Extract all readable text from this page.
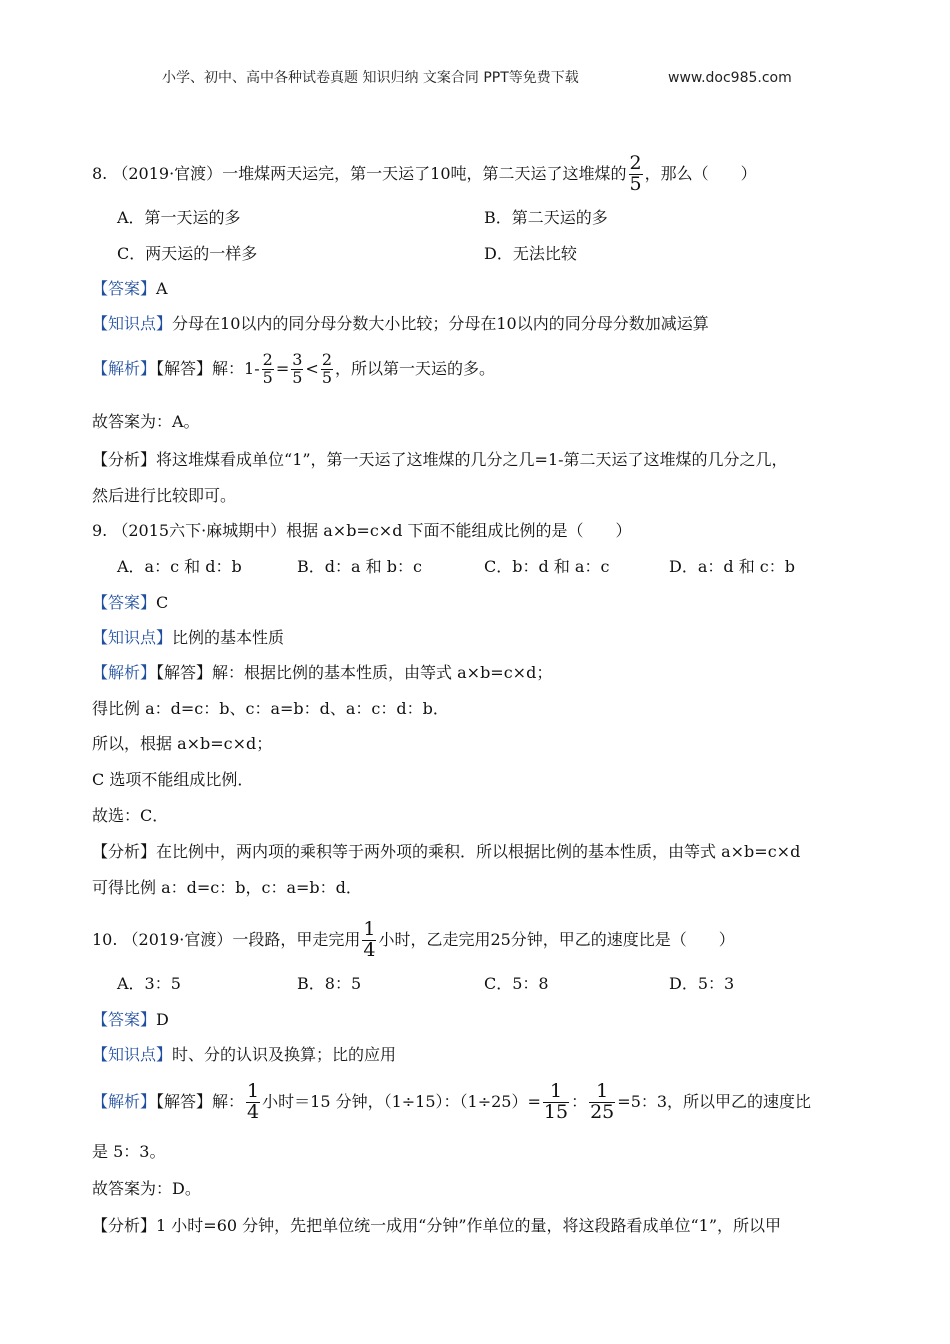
小学、初中、高中各种试卷真题 知识归纳 文案合同 PPT等免费下载	www.doc985.com
8. （2019·官渡）一堆煤两天运完，第一天运了10吨，第二天运了这堆煤的 $\frac{2}{5}$ ，那么（　　）
A．第一天运的多	B．第二天运的多
C．两天运的一样多	D．无法比较
【答案】A
【知识点】分母在10以内的同分母分数大小比较；分母在10以内的同分母分数加减运算
【解析】【解答】解：$1- \frac{2}{5} = \frac{3}{5} < \frac{2}{5}$ ，所以第一天运的多。
故答案为：A。
【分析】将这堆煤看成单位“1”，第一天运了这堆煤的几分之几=1-第二天运了这堆煤的几分之几，
然后进行比较即可。
9. （2015六下·麻城期中）根据 a×b=c×d 下面不能组成比例的是（　　）
A．a：c 和 d：b	B．d：a 和 b：c	C．b：d 和 a：c	D．a：d 和 c：b
【答案】C
【知识点】比例的基本性质
【解析】【解答】解：根据比例的基本性质，由等式 a×b=c×d；
得比例 a：d=c：b、c：a=b：d、a：c：d：b．
所以，根据 a×b=c×d；
C 选项不能组成比例．
故选：C．
【分析】在比例中，两内项的乘积等于两外项的乘积．所以根据比例的基本性质，由等式 a×b=c×d
可得比例 a：d=c：b，c：a=b：d．
10. （2019·官渡）一段路，甲走完用 $\frac{1}{4}$ 小时，乙走完用25分钟，甲乙的速度比是（　　）
A．3：5	B．8：5	C．5：8	D．5：3
【答案】D
【知识点】时、分的认识及换算；比的应用
【解析】【解答】解： $\frac{1}{4}$ 小时＝15 分钟，（1÷15）：$(1\div 25)= \frac{1}{15}$ ： $\frac{1}{25} =5$：3，所以甲乙的速度比
是 5：3。
故答案为：D。
【分析】1 小时=60 分钟，先把单位统一成用“分钟”作单位的量，将这段路看成单位“1”，所以甲
